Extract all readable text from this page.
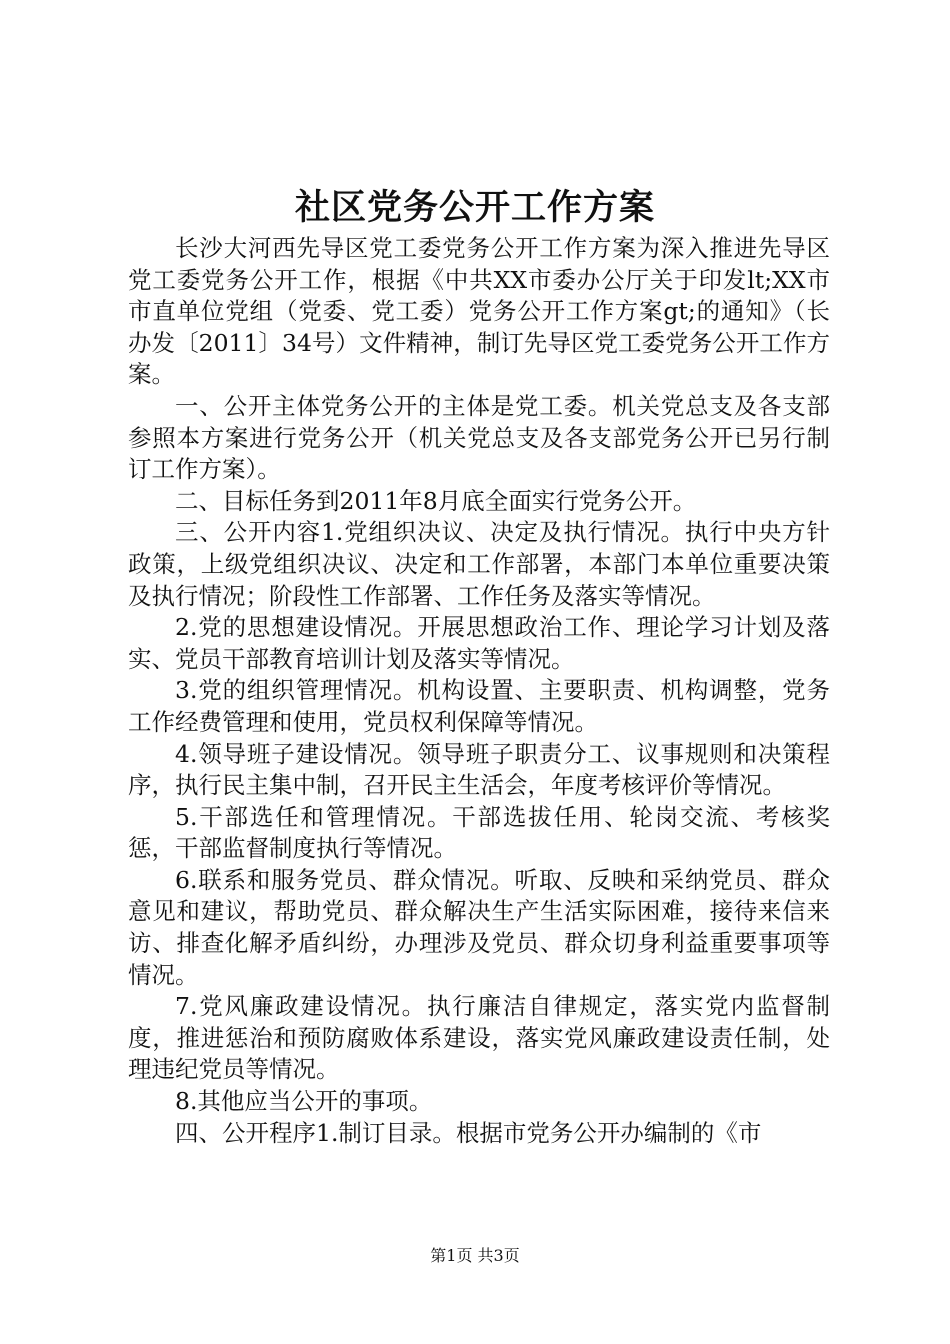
社区党务公开工作方案

长沙大河西先导区党工委党务公开工作方案为深入推进先导区党工委党务公开工作，根据《中共XX市委办公厅关于印发lt;XX市市直单位党组（党委、党工委）党务公开工作方案gt;的通知》（长办发〔2011〕34号）文件精神，制订先导区党工委党务公开工作方案。

一、公开主体党务公开的主体是党工委。机关党总支及各支部参照本方案进行党务公开（机关党总支及各支部党务公开已另行制订工作方案）。

二、目标任务到2011年8月底全面实行党务公开。

三、公开内容1.党组织决议、决定及执行情况。执行中央方针政策，上级党组织决议、决定和工作部署，本部门本单位重要决策及执行情况；阶段性工作部署、工作任务及落实等情况。

2.党的思想建设情况。开展思想政治工作、理论学习计划及落实、党员干部教育培训计划及落实等情况。

3.党的组织管理情况。机构设置、主要职责、机构调整，党务工作经费管理和使用，党员权利保障等情况。

4.领导班子建设情况。领导班子职责分工、议事规则和决策程序，执行民主集中制，召开民主生活会，年度考核评价等情况。

5.干部选任和管理情况。干部选拔任用、轮岗交流、考核奖惩，干部监督制度执行等情况。

6.联系和服务党员、群众情况。听取、反映和采纳党员、群众意见和建议，帮助党员、群众解决生产生活实际困难，接待来信来访、排查化解矛盾纠纷，办理涉及党员、群众切身利益重要事项等情况。

7.党风廉政建设情况。执行廉洁自律规定，落实党内监督制度，推进惩治和预防腐败体系建设，落实党风廉政建设责任制，处理违纪党员等情况。

8.其他应当公开的事项。

四、公开程序1.制订目录。根据市党务公开办编制的《市

第1页 共3页
